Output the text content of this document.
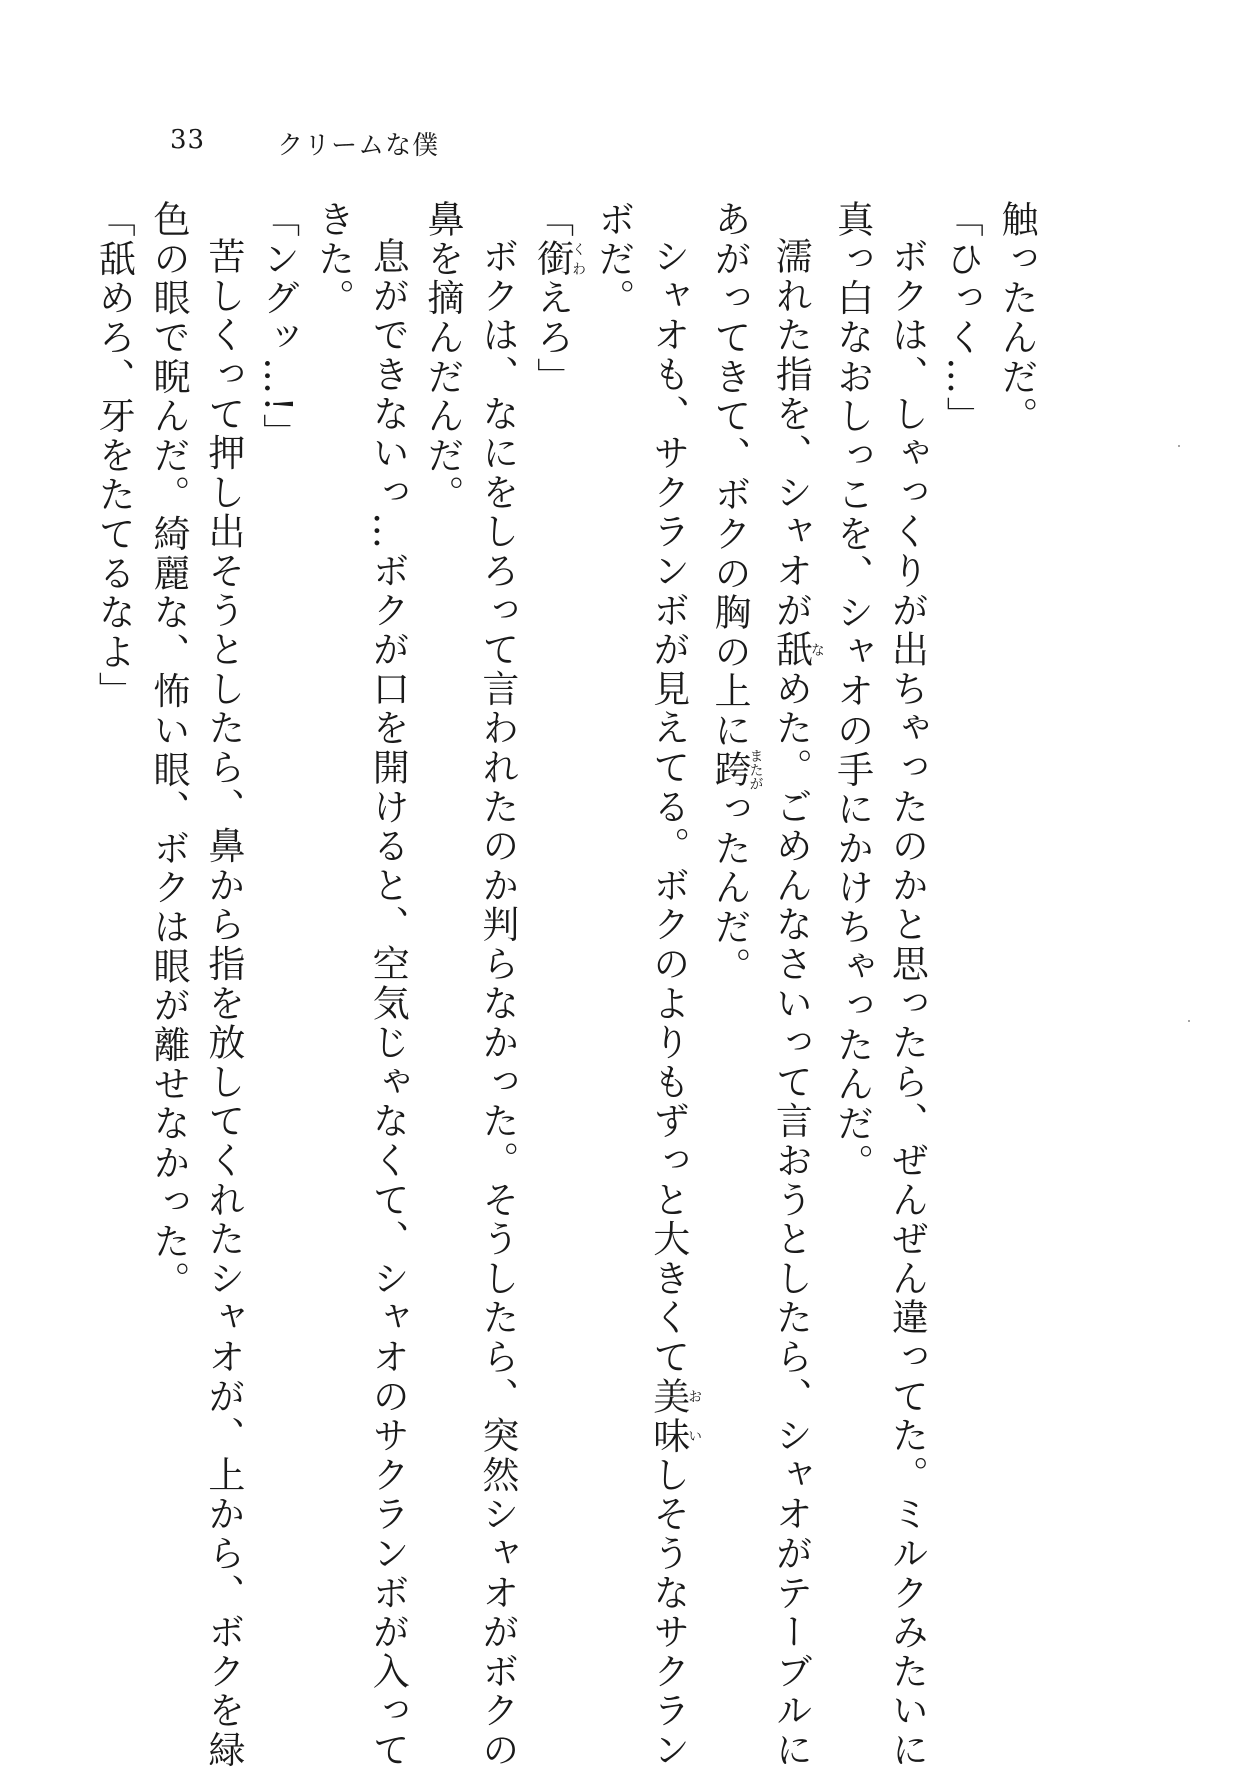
33	クリームな僕
触ったんだ。
「ひっく…」
ボクは、しゃっくりが出ちゃったのかと思ったら、ぜんぜん違ってた。ミルクみたいに
真っ白なおしっこを、シャオの手にかけちゃったんだ。
濡れた指を、シャオが舐なめた。ごめんなさいって言おうとしたら、シャオがテーブルに
あがってきて、ボクの胸の上に跨またがったんだ。
シャオも、サクランボが見えてる。ボクのよりもずっと大きくて美味おいしそうなサクラン
ボだ。
「銜くわえろ」
ボクは、なにをしろって言われたのか判らなかった。そうしたら、突然シャオがボクの
鼻を摘んだんだ。
息ができないっ…ボクが口を開けると、空気じゃなくて、シャオのサクランボが入って
きた。
「ングッ…!」
苦しくって押し出そうとしたら、鼻から指を放してくれたシャオが、上から、ボクを緑
色の眼で睨んだ。綺麗な、怖い眼、ボクは眼が離せなかった。
「舐めろ、牙をたてるなよ」
